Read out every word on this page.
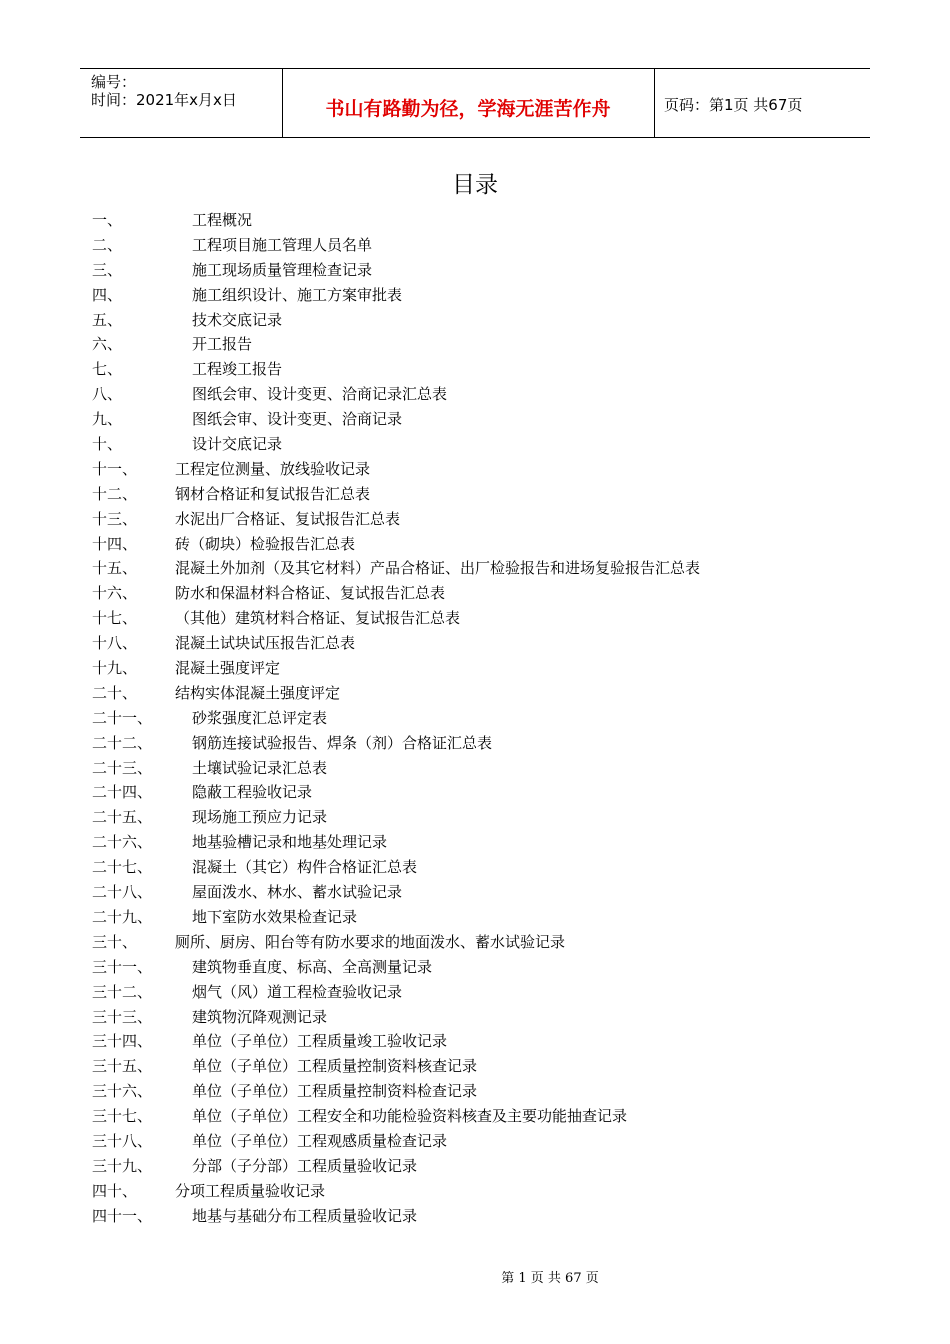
编号：
时间：2021年x月x日	书山有路勤为径，学海无涯苦作舟	页码：第1页 共67页
目录
一、	工程概况
二、	工程项目施工管理人员名单
三、	施工现场质量管理检查记录
四、	施工组织设计、施工方案审批表
五、	技术交底记录
六、	开工报告
七、	工程竣工报告
八、	图纸会审、设计变更、洽商记录汇总表
九、	图纸会审、设计变更、洽商记录
十、	设计交底记录
十一、	工程定位测量、放线验收记录
十二、	钢材合格证和复试报告汇总表
十三、	水泥出厂合格证、复试报告汇总表
十四、	砖（砌块）检验报告汇总表
十五、	混凝土外加剂（及其它材料）产品合格证、出厂检验报告和进场复验报告汇总表
十六、	防水和保温材料合格证、复试报告汇总表
十七、	（其他）建筑材料合格证、复试报告汇总表
十八、	混凝土试块试压报告汇总表
十九、	混凝土强度评定
二十、	结构实体混凝土强度评定
二十一、	砂浆强度汇总评定表
二十二、	钢筋连接试验报告、焊条（剂）合格证汇总表
二十三、	土壤试验记录汇总表
二十四、	隐蔽工程验收记录
二十五、	现场施工预应力记录
二十六、	地基验槽记录和地基处理记录
二十七、	混凝土（其它）构件合格证汇总表
二十八、	屋面泼水、林水、蓄水试验记录
二十九、	地下室防水效果检查记录
三十、	厕所、厨房、阳台等有防水要求的地面泼水、蓄水试验记录
三十一、	建筑物垂直度、标高、全高测量记录
三十二、	烟气（风）道工程检查验收记录
三十三、	建筑物沉降观测记录
三十四、	单位（子单位）工程质量竣工验收记录
三十五、	单位（子单位）工程质量控制资料核查记录
三十六、	单位（子单位）工程质量控制资料检查记录
三十七、	单位（子单位）工程安全和功能检验资料核查及主要功能抽查记录
三十八、	单位（子单位）工程观感质量检查记录
三十九、	分部（子分部）工程质量验收记录
四十、	分项工程质量验收记录
四十一、	地基与基础分布工程质量验收记录
第 1 页 共 67 页
